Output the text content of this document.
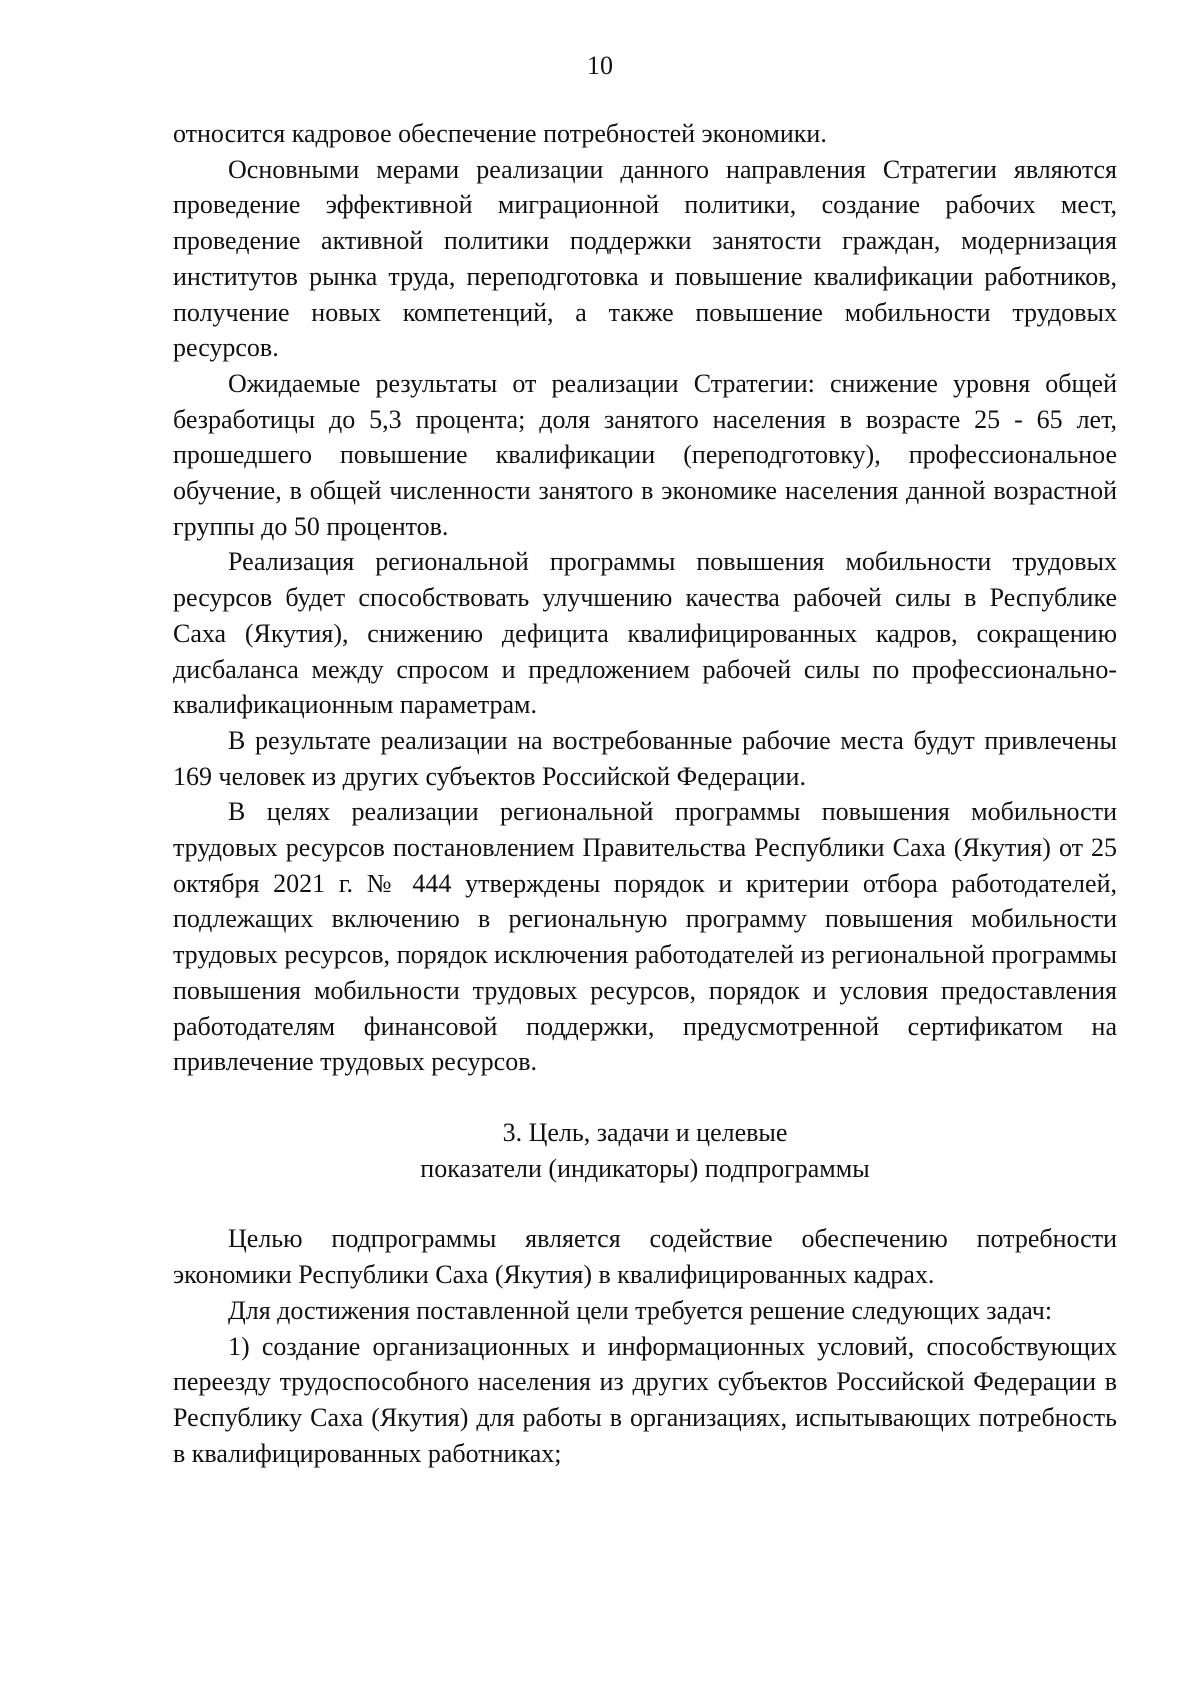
10

относится кадровое обеспечение потребностей экономики.

Основными мерами реализации данного направления Стратегии являются проведение эффективной миграционной политики, создание рабочих мест, проведение активной политики поддержки занятости граждан, модернизация институтов рынка труда, переподготовка и повышение квалификации работников, получение новых компетенций, а также повышение мобильности трудовых ресурсов.

Ожидаемые результаты от реализации Стратегии: снижение уровня общей безработицы до 5,3 процента; доля занятого населения в возрасте 25 - 65 лет, прошедшего повышение квалификации (переподготовку), профессиональное обучение, в общей численности занятого в экономике населения данной возрастной группы до 50 процентов.

Реализация региональной программы повышения мобильности трудовых ресурсов будет способствовать улучшению качества рабочей силы в Республике Саха (Якутия), снижению дефицита квалифицированных кадров, сокращению дисбаланса между спросом и предложением рабочей силы по профессионально-квалификационным параметрам.

В результате реализации на востребованные рабочие места будут привлечены 169 человек из других субъектов Российской Федерации.

В целях реализации региональной программы повышения мобильности трудовых ресурсов постановлением Правительства Республики Саха (Якутия) от 25 октября 2021 г. № 444 утверждены порядок и критерии отбора работодателей, подлежащих включению в региональную программу повышения мобильности трудовых ресурсов, порядок исключения работодателей из региональной программы повышения мобильности трудовых ресурсов, порядок и условия предоставления работодателям финансовой поддержки, предусмотренной сертификатом на привлечение трудовых ресурсов.

3. Цель, задачи и целевые
показатели (индикаторы) подпрограммы

Целью подпрограммы является содействие обеспечению потребности экономики Республики Саха (Якутия) в квалифицированных кадрах.

Для достижения поставленной цели требуется решение следующих задач:

1) создание организационных и информационных условий, способствующих переезду трудоспособного населения из других субъектов Российской Федерации в Республику Саха (Якутия) для работы в организациях, испытывающих потребность в квалифицированных работниках;
